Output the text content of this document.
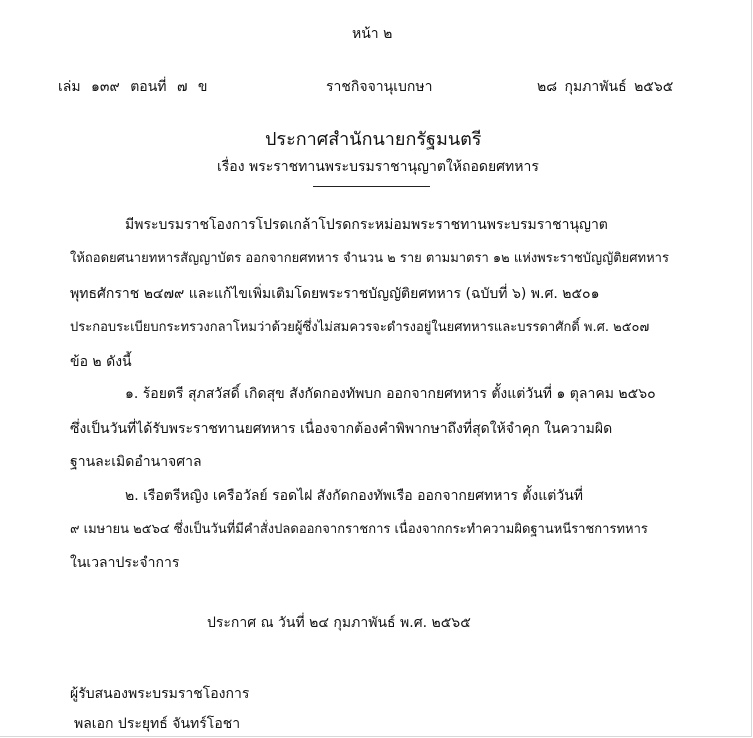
หน้า ๒
เล่ม ๑๓๙ ตอนที่ ๗ ข	ราชกิจจานุเบกษา	๒๘ กุมภาพันธ์ ๒๕๖๕
ประกาศสำนักนายกรัฐมนตรี
เรื่อง พระราชทานพระบรมราชานุญาตให้ถอดยศทหาร
มีพระบรมราชโองการโปรดเกล้าโปรดกระหม่อมพระราชทานพระบรมราชานุญาต
ให้ถอดยศนายทหารสัญญาบัตร ออกจากยศทหาร จำนวน ๒ ราย ตามมาตรา ๑๒ แห่งพระราชบัญญัติยศทหาร
พุทธศักราช ๒๔๗๙ และแก้ไขเพิ่มเติมโดยพระราชบัญญัติยศทหาร (ฉบับที่ ๖) พ.ศ. ๒๕๐๑
ประกอบระเบียบกระทรวงกลาโหมว่าด้วยผู้ซึ่งไม่สมควรจะดำรงอยู่ในยศทหารและบรรดาศักดิ์ พ.ศ. ๒๕๐๗
ข้อ ๒ ดังนี้
๑. ร้อยตรี สุภสวัสดิ์ เกิดสุข สังกัดกองทัพบก ออกจากยศทหาร ตั้งแต่วันที่ ๑ ตุลาคม ๒๕๖๐
ซึ่งเป็นวันที่ได้รับพระราชทานยศทหาร เนื่องจากต้องคำพิพากษาถึงที่สุดให้จำคุก ในความผิด
ฐานละเมิดอำนาจศาล
๒. เรือตรีหญิง เครือวัลย์ รอดไฝ สังกัดกองทัพเรือ ออกจากยศทหาร ตั้งแต่วันที่
๙ เมษายน ๒๕๖๔ ซึ่งเป็นวันที่มีคำสั่งปลดออกจากราชการ เนื่องจากกระทำความผิดฐานหนีราชการทหาร
ในเวลาประจำการ
ประกาศ ณ วันที่ ๒๔ กุมภาพันธ์ พ.ศ. ๒๕๖๕
ผู้รับสนองพระบรมราชโองการ
พลเอก ประยุทธ์ จันทร์โอชา
